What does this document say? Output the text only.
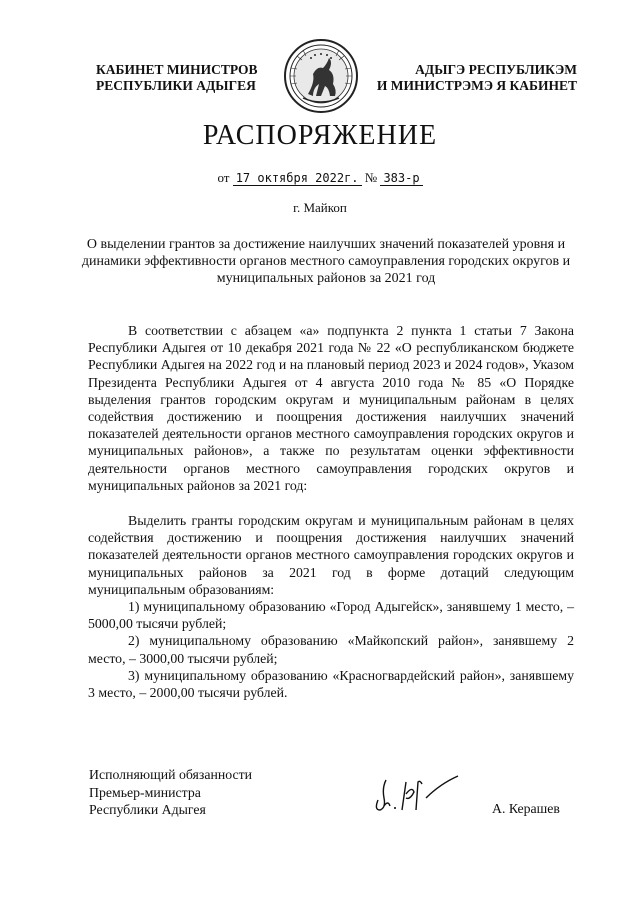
КАБИНЕТ МИНИСТРОВ
РЕСПУБЛИКИ АДЫГЕЯ
АДЫГЭ РЕСПУБЛИКЭМ
И МИНИСТРЭМЭ Я КАБИНЕТ
РАСПОРЯЖЕНИЕ
от 17 октября 2022г. № 383-р
г. Майкоп
О выделении грантов за достижение наилучших значений показателей уровня и динамики эффективности органов местного самоуправления городских округов и муниципальных районов за 2021 год

В соответствии с абзацем «а» подпункта 2 пункта 1 статьи 7 Закона Республики Адыгея от 10 декабря 2021 года № 22 «О республиканском бюджете Республики Адыгея на 2022 год и на плановый период 2023 и 2024 годов», Указом Президента Республики Адыгея от 4 августа 2010 года № 85 «О Порядке выделения грантов городским округам и муниципальным районам в целях содействия достижению и поощрения достижения наилучших значений показателей деятельности органов местного самоуправления городских округов и муниципальных районов», а также по результатам оценки эффективности деятельности органов местного самоуправления городских округов и муниципальных районов за 2021 год:

Выделить гранты городским округам и муниципальным районам в целях содействия достижению и поощрения достижения наилучших значений показателей деятельности органов местного самоуправления городских округов и муниципальных районов за 2021 год в форме дотаций следующим муниципальным образованиям:

1) муниципальному образованию «Город Адыгейск», занявшему 1 место, – 5000,00 тысячи рублей;

2) муниципальному образованию «Майкопский район», занявшему 2 место, – 3000,00 тысячи рублей;

3) муниципальному образованию «Красногвардейский район», занявшему 3 место, – 2000,00 тысячи рублей.

Исполняющий обязанности
Премьер-министра
Республики Адыгея	А. Керашев
